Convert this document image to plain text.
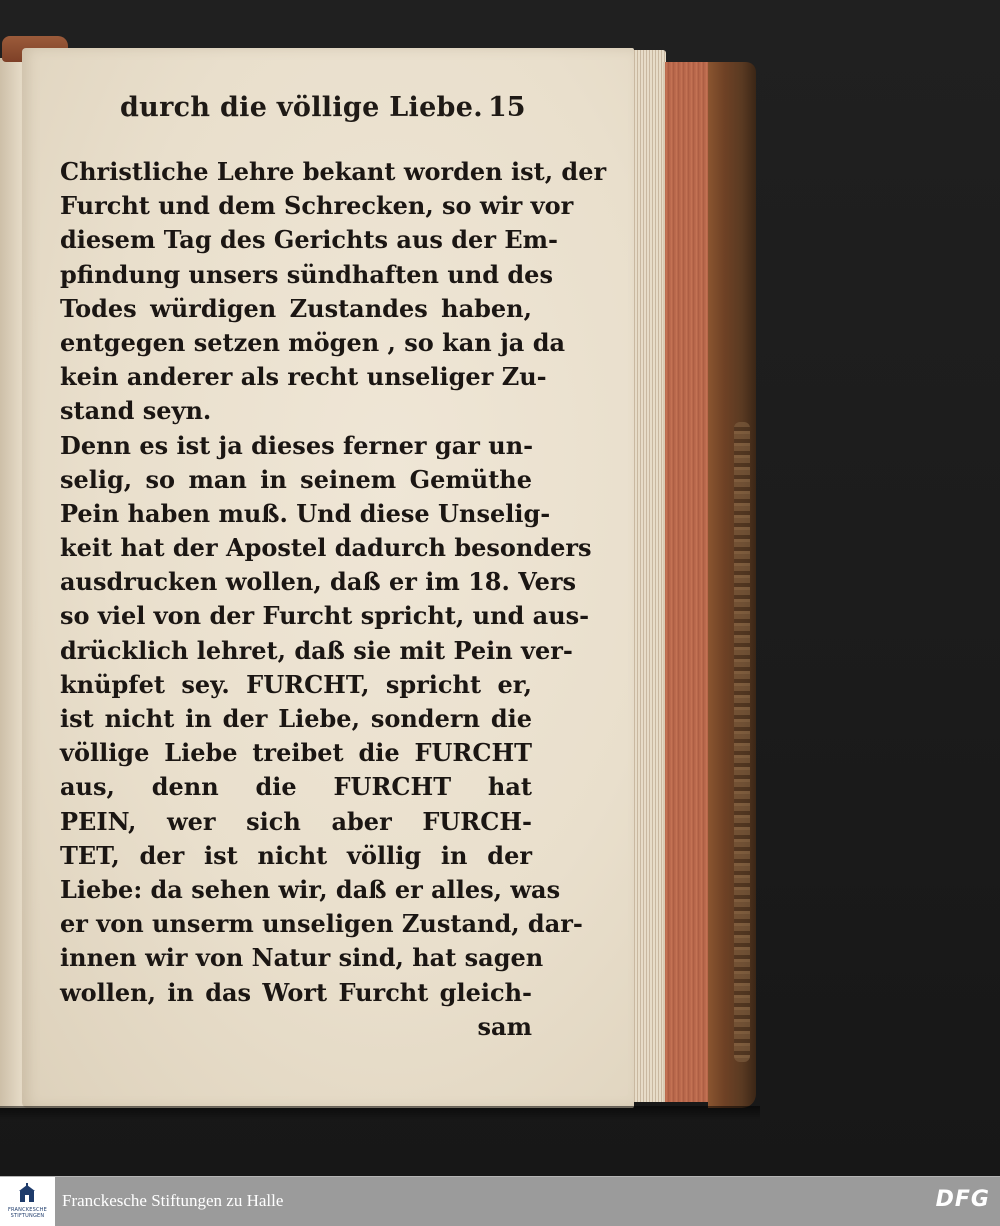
durch die völlige Liebe. 15
Christliche Lehre bekant worden ist, der
Furcht und dem Schrecken, so wir vor
diesem Tag des Gerichts aus der Em-
pfindung unsers sündhaften und des
Todes würdigen Zustandes haben,
entgegen setzen mögen , so kan ja da
kein anderer als recht unseliger Zu-
stand seyn.
Denn es ist ja dieses ferner gar un-
selig, so man in seinem Gemüthe
Pein haben muß. Und diese Unselig-
keit hat der Apostel dadurch besonders
ausdrucken wollen, daß er im 18. Vers
so viel von der Furcht spricht, und aus-
drücklich lehret, daß sie mit Pein ver-
knüpfet sey. FURCHT, spricht er,
ist nicht in der Liebe, sondern die
völlige Liebe treibet die FURCHT
aus, denn die FURCHT hat
PEIN, wer sich aber FURCH-
TET, der ist nicht völlig in der
Liebe: da sehen wir, daß er alles, was
er von unserm unseligen Zustand, dar-
innen wir von Natur sind, hat sagen
wollen, in das Wort Furcht gleich-
sam
FRANCKESCHE STIFTUNGEN
Franckesche Stiftungen zu Halle	DFG
